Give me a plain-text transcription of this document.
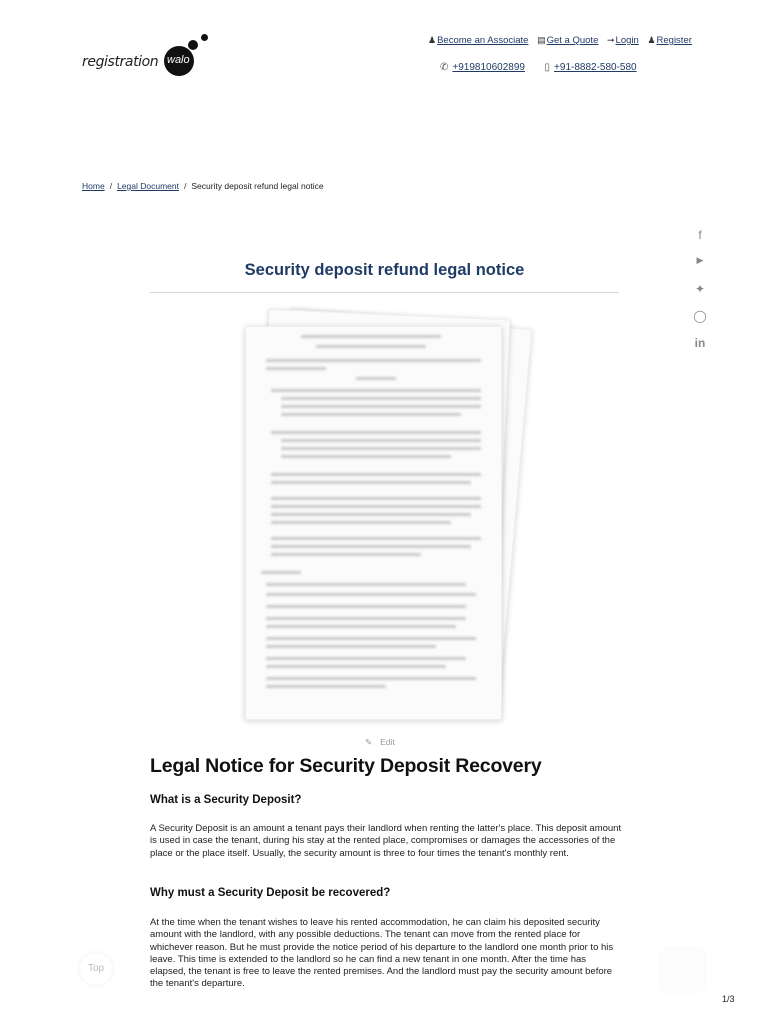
registration walo
♟Become an Associate ▤Get a Quote ➞Login ♟Register
✆ +919810602899 ▯ +91-8882-580-580
Home / Legal Document / Security deposit refund legal notice
f
▶
✦
◯
in
Security deposit refund legal notice
✎ Edit
Legal Notice for Security Deposit Recovery
What is a Security Deposit?
A Security Deposit is an amount a tenant pays their landlord when renting the latter's place. This deposit amount is used in case the tenant, during his stay at the rented place, compromises or damages the accessories of the place or the place itself. Usually, the security amount is three to four times the tenant's monthly rent.
Why must a Security Deposit be recovered?
At the time when the tenant wishes to leave his rented accommodation, he can claim his deposited security amount with the landlord, with any possible deductions. The tenant can move from the rented place for whichever reason. But he must provide the notice period of his departure to the landlord one month prior to his leave. This time is extended to the landlord so he can find a new tenant in one month. After the time has elapsed, the tenant is free to leave the rented premises. And the landlord must pay the security amount before the tenant's departure.
Top
1/3
